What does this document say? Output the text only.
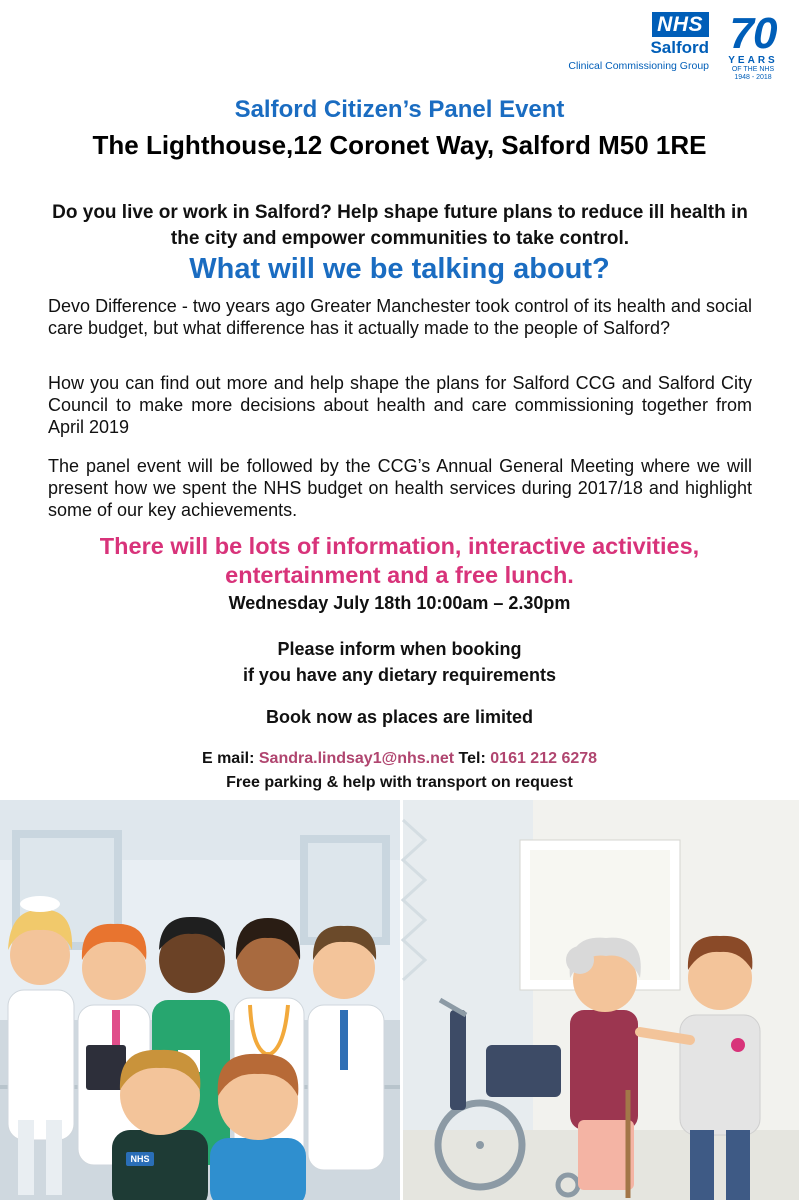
NHS
Salford
Clinical Commissioning Group
70
YEARS
OF THE NHS
1948 - 2018
Salford Citizen’s Panel Event
The Lighthouse,12 Coronet Way, Salford M50 1RE
Do you live or work in Salford? Help shape future plans to reduce ill health in the city and empower communities to take control.
What will we be talking about?

Devo Difference - two years ago Greater Manchester took control of its health and social care budget, but what difference has it actually made to the people of Salford?

How you can find out more and help shape the plans for Salford CCG and Salford City Council to make more decisions about health and care commissioning together from April 2019

The panel event will be followed by the CCG’s Annual General Meeting where we will present how we spent the NHS budget on health services during 2017/18 and highlight some of our key achievements.

There will be lots of information, interactive activities,
entertainment and a free lunch.
Wednesday July 18th 10:00am – 2.30pm
Please inform when booking
if you have any dietary requirements
Book now as places are limited
E mail: Sandra.lindsay1@nhs.net Tel: 0161 212 6278
Free parking & help with transport on request
NHS
